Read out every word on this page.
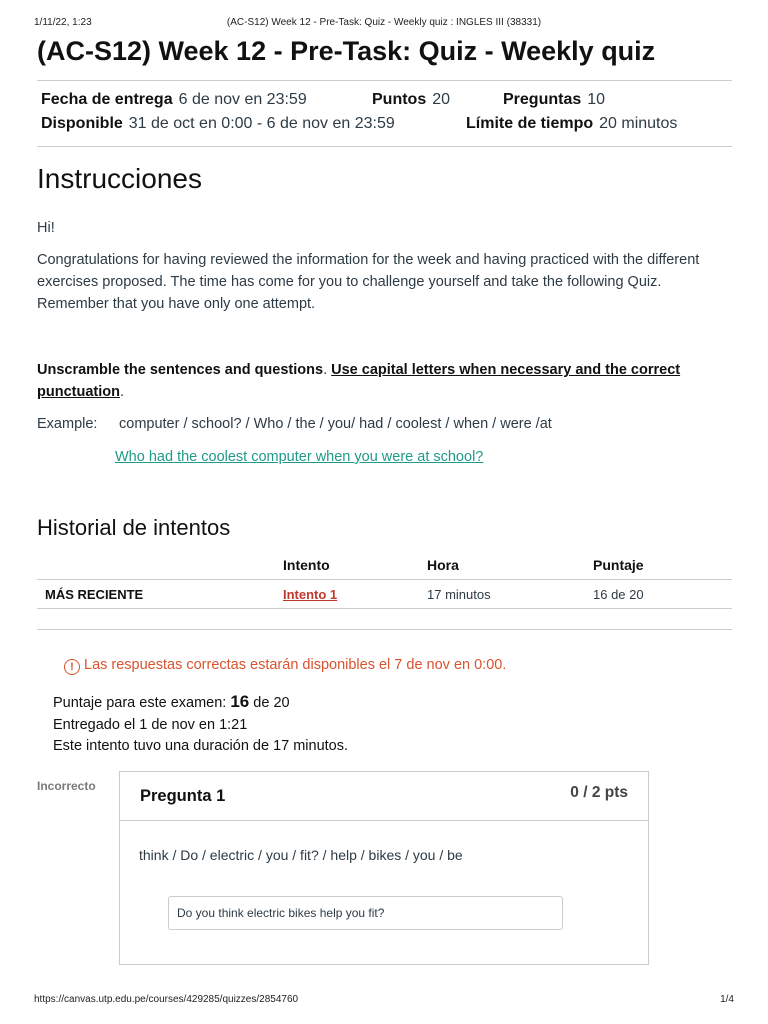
1/11/22, 1:23	(AC-S12) Week 12 - Pre-Task: Quiz - Weekly quiz : INGLES III (38331)
(AC-S12) Week 12 - Pre-Task: Quiz - Weekly quiz
Fecha de entrega 6 de nov en 23:59	Puntos 20	Preguntas 10
Disponible 31 de oct en 0:00 - 6 de nov en 23:59	Límite de tiempo 20 minutos
Instrucciones

Hi!

Congratulations for having reviewed the information for the week and having practiced with the different exercises proposed. The time has come for you to challenge yourself and take the following Quiz. Remember that you have only one attempt.

Unscramble the sentences and questions. Use capital letters when necessary and the correct punctuation.

Example: computer / school? / Who / the / you/ had / coolest / when / were /at
Who had the coolest computer when you were at school?
Historial de intentos
	Intento	Hora	Puntaje
MÁS RECIENTE	Intento 1	17 minutos	16 de 20
! Las respuestas correctas estarán disponibles el 7 de nov en 0:00.
Puntaje para este examen: 16 de 20
Entregado el 1 de nov en 1:21
Este intento tuvo una duración de 17 minutos.
Incorrecto
Pregunta 1	0 / 2 pts
think / Do / electric / you / fit? / help / bikes / you / be
Do you think electric bikes help you fit?
https://canvas.utp.edu.pe/courses/429285/quizzes/2854760	1/4
